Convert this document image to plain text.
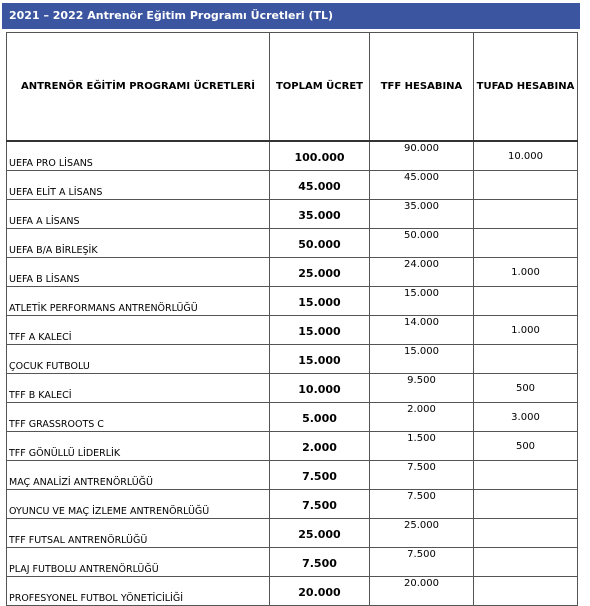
2021 – 2022 Antrenör Eğitim Programı Ücretleri (TL)
ANTRENÖR EĞİTİM PROGRAMI ÜCRETLERİ	TOPLAM ÜCRET	TFF HESABINA	TUFAD HESABINA
UEFA PRO LİSANS	100.000	90.000	10.000
UEFA ELİT A LİSANS	45.000	45.000	
UEFA A LİSANS	35.000	35.000	
UEFA B/A BİRLEŞİK	50.000	50.000	
UEFA B LİSANS	25.000	24.000	1.000
ATLETİK PERFORMANS ANTRENÖRLÜĞÜ	15.000	15.000	
TFF A KALECİ	15.000	14.000	1.000
ÇOCUK FUTBOLU	15.000	15.000	
TFF B KALECİ	10.000	9.500	500
TFF GRASSROOTS C	5.000	2.000	3.000
TFF GÖNÜLLÜ LİDERLİK	2.000	1.500	500
MAÇ ANALİZİ ANTRENÖRLÜĞÜ	7.500	7.500	
OYUNCU VE MAÇ İZLEME ANTRENÖRLÜĞÜ	7.500	7.500	
TFF FUTSAL ANTRENÖRLÜĞÜ	25.000	25.000	
PLAJ FUTBOLU ANTRENÖRLÜĞÜ	7.500	7.500	
PROFESYONEL FUTBOL YÖNETİCİLİĞİ	20.000	20.000	
